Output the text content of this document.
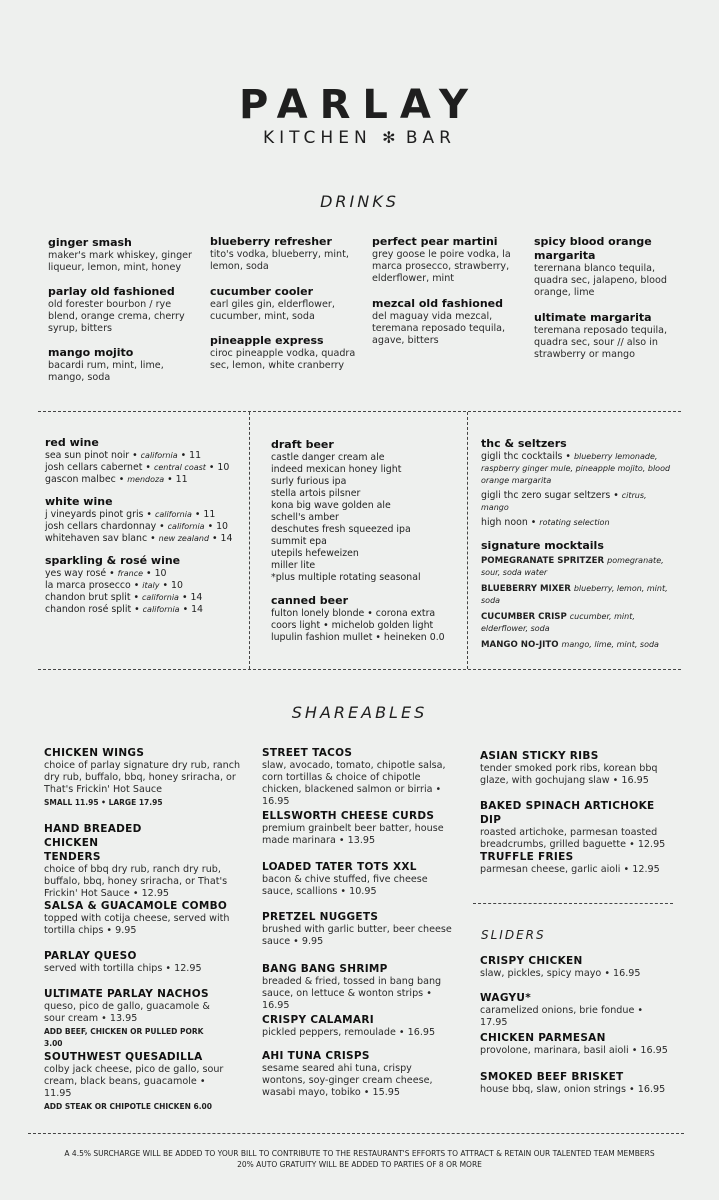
PARLAY
KITCHEN ✻ BAR
DRINKS
ginger smash
maker's mark whiskey, ginger liqueur, lemon, mint, honey
parlay old fashioned
old forester bourbon / rye blend, orange crema, cherry syrup, bitters
mango mojito
bacardi rum, mint, lime, mango, soda
blueberry refresher
tito's vodka, blueberry, mint, lemon, soda
cucumber cooler
earl giles gin, elderflower, cucumber, mint, soda
pineapple express
ciroc pineapple vodka, quadra sec, lemon, white cranberry
perfect pear martini
grey goose le poire vodka, la marca prosecco, strawberry, elderflower, mint
mezcal old fashioned
del maguay vida mezcal, teremana reposado tequila, agave, bitters
spicy blood orange margarita
terernana blanco tequila, quadra sec, jalapeno, blood orange, lime
ultimate margarita
teremana reposado tequila, quadra sec, sour // also in strawberry or mango
red wine
sea sun pinot noir • california • 11
josh cellars cabernet • central coast • 10
gascon malbec • mendoza • 11
white wine
j vineyards pinot gris • california • 11
josh cellars chardonnay • california • 10
whitehaven sav blanc • new zealand • 14
sparkling & rosé wine
yes way rosé • france • 10
la marca prosecco • italy • 10
chandon brut split • california • 14
chandon rosé split • california • 14
draft beer
castle danger cream ale
indeed mexican honey light
surly furious ipa
stella artois pilsner
kona big wave golden ale
schell's amber
deschutes fresh squeezed ipa
summit epa
utepils hefeweizen
miller lite
*plus multiple rotating seasonal
canned beer
fulton lonely blonde • corona extra
coors light • michelob golden light
lupulin fashion mullet • heineken 0.0
thc & seltzers
gigli thc cocktails • blueberry lemonade, raspberry ginger mule, pineapple mojito, blood orange margarita
gigli thc zero sugar seltzers • citrus, mango
high noon • rotating selection
signature mocktails
POMEGRANATE SPRITZER pomegranate, sour, soda water
BLUEBERRY MIXER blueberry, lemon, mint, soda
CUCUMBER CRISP cucumber, mint, elderflower, soda
MANGO NO-JITO mango, lime, mint, soda
SHAREABLES
CHICKEN WINGS
choice of parlay signature dry rub, ranch dry rub, buffalo, bbq, honey sriracha, or That's Frickin' Hot Sauce
SMALL 11.95 • LARGE 17.95
HAND BREADED CHICKEN TENDERS
choice of bbq dry rub, ranch dry rub, buffalo, bbq, honey sriracha, or That's Frickin' Hot Sauce • 12.95
SALSA & GUACAMOLE COMBO
topped with cotija cheese, served with tortilla chips • 9.95
PARLAY QUESO
served with tortilla chips • 12.95
ULTIMATE PARLAY NACHOS
queso, pico de gallo, guacamole & sour cream • 13.95
ADD BEEF, CHICKEN OR PULLED PORK 3.00
SOUTHWEST QUESADILLA
colby jack cheese, pico de gallo, sour cream, black beans, guacamole • 11.95
ADD STEAK OR CHIPOTLE CHICKEN 6.00
STREET TACOS
slaw, avocado, tomato, chipotle salsa, corn tortillas & choice of chipotle chicken, blackened salmon or birria • 16.95
ELLSWORTH CHEESE CURDS
premium grainbelt beer batter, house made marinara • 13.95
LOADED TATER TOTS XXL
bacon & chive stuffed, five cheese sauce, scallions • 10.95
PRETZEL NUGGETS
brushed with garlic butter, beer cheese sauce • 9.95
BANG BANG SHRIMP
breaded & fried, tossed in bang bang sauce, on lettuce & wonton strips • 16.95
CRISPY CALAMARI
pickled peppers, remoulade • 16.95
AHI TUNA CRISPS
sesame seared ahi tuna, crispy wontons, soy-ginger cream cheese, wasabi mayo, tobiko • 15.95
ASIAN STICKY RIBS
tender smoked pork ribs, korean bbq glaze, with gochujang slaw • 16.95
BAKED SPINACH ARTICHOKE DIP
roasted artichoke, parmesan toasted breadcrumbs, grilled baguette • 12.95
TRUFFLE FRIES
parmesan cheese, garlic aioli • 12.95
SLIDERS
CRISPY CHICKEN
slaw, pickles, spicy mayo • 16.95
WAGYU*
caramelized onions, brie fondue • 17.95
CHICKEN PARMESAN
provolone, marinara, basil aioli • 16.95
SMOKED BEEF BRISKET
house bbq, slaw, onion strings • 16.95
A 4.5% SURCHARGE WILL BE ADDED TO YOUR BILL TO CONTRIBUTE TO THE RESTAURANT'S EFFORTS TO ATTRACT & RETAIN OUR TALENTED TEAM MEMBERS
20% AUTO GRATUITY WILL BE ADDED TO PARTIES OF 8 OR MORE
